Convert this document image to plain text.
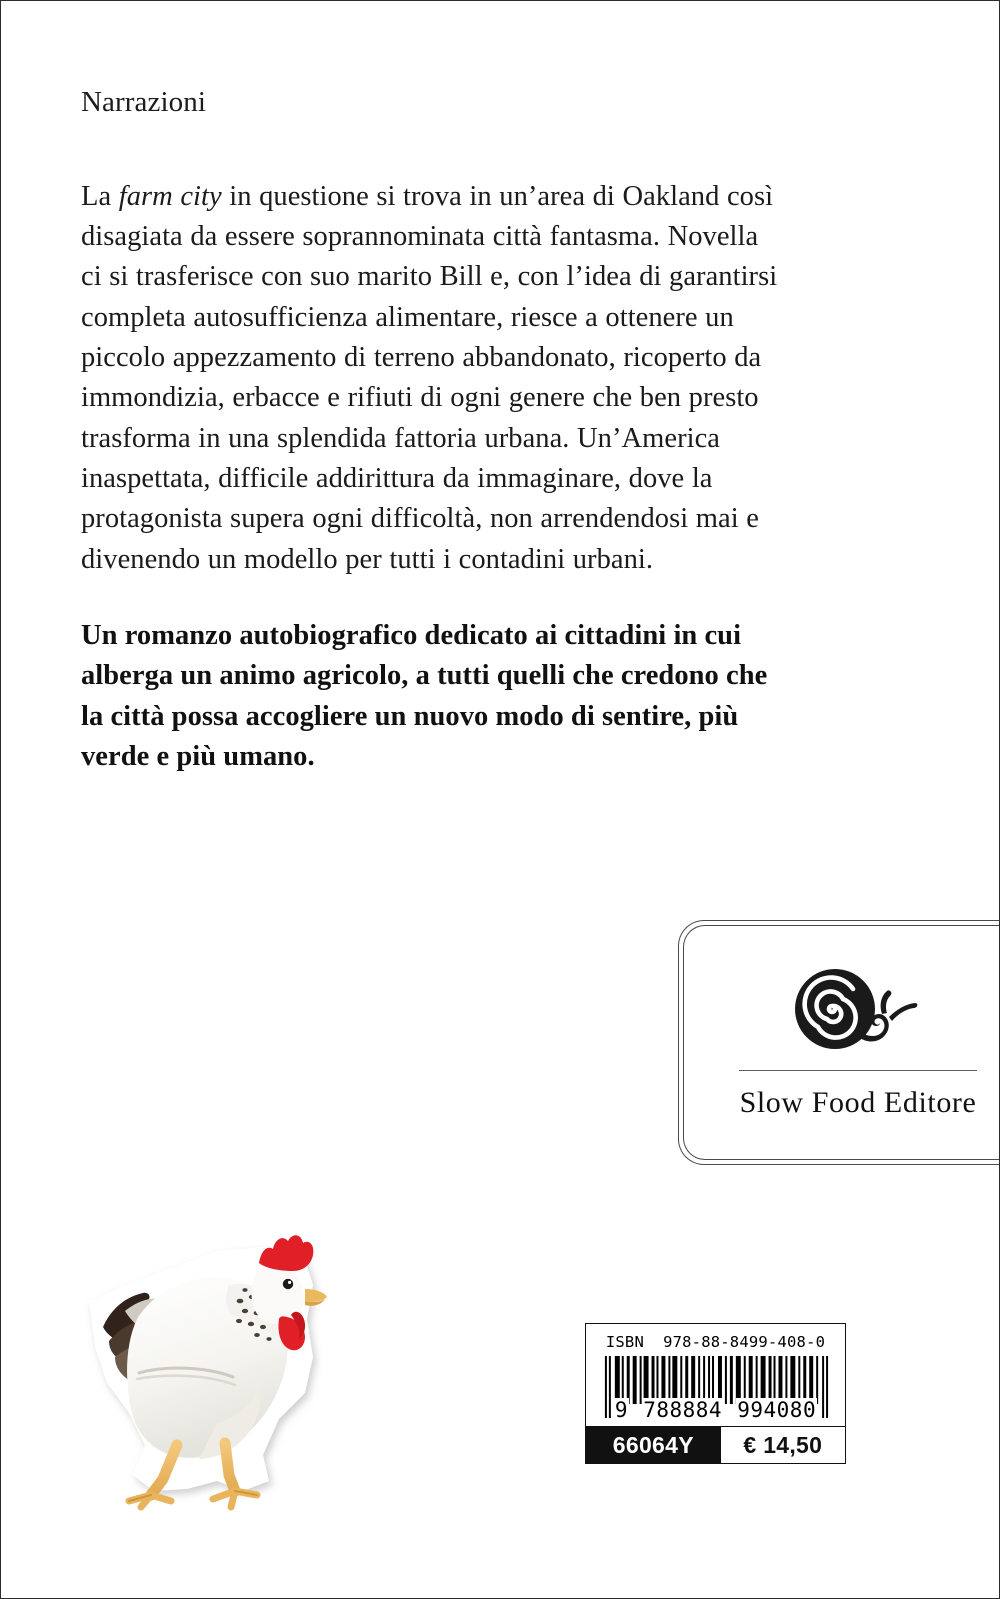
Narrazioni

La farm city in questione si trova in un’area di Oakland così disagiata da essere soprannominata città fantasma. Novella ci si trasferisce con suo marito Bill e, con l’idea di garantirsi completa autosufficienza alimentare, riesce a ottenere un piccolo appezzamento di terreno abbandonato, ricoperto da immondizia, erbacce e rifiuti di ogni genere che ben presto trasforma in una splendida fattoria urbana. Un’America inaspettata, difficile addirittura da immaginare, dove la protagonista supera ogni difficoltà, non arrendendosi mai e divenendo un modello per tutti i contadini urbani.

Un romanzo autobiografico dedicato ai cittadini in cui alberga un animo agricolo, a tutti quelli che credono che la città possa accogliere un nuovo modo di sentire, più verde e più umano.

Slow Food Editore
ISBN 978-88-8499-408-0
9 788884 994080
66064Y	€ 14,50
